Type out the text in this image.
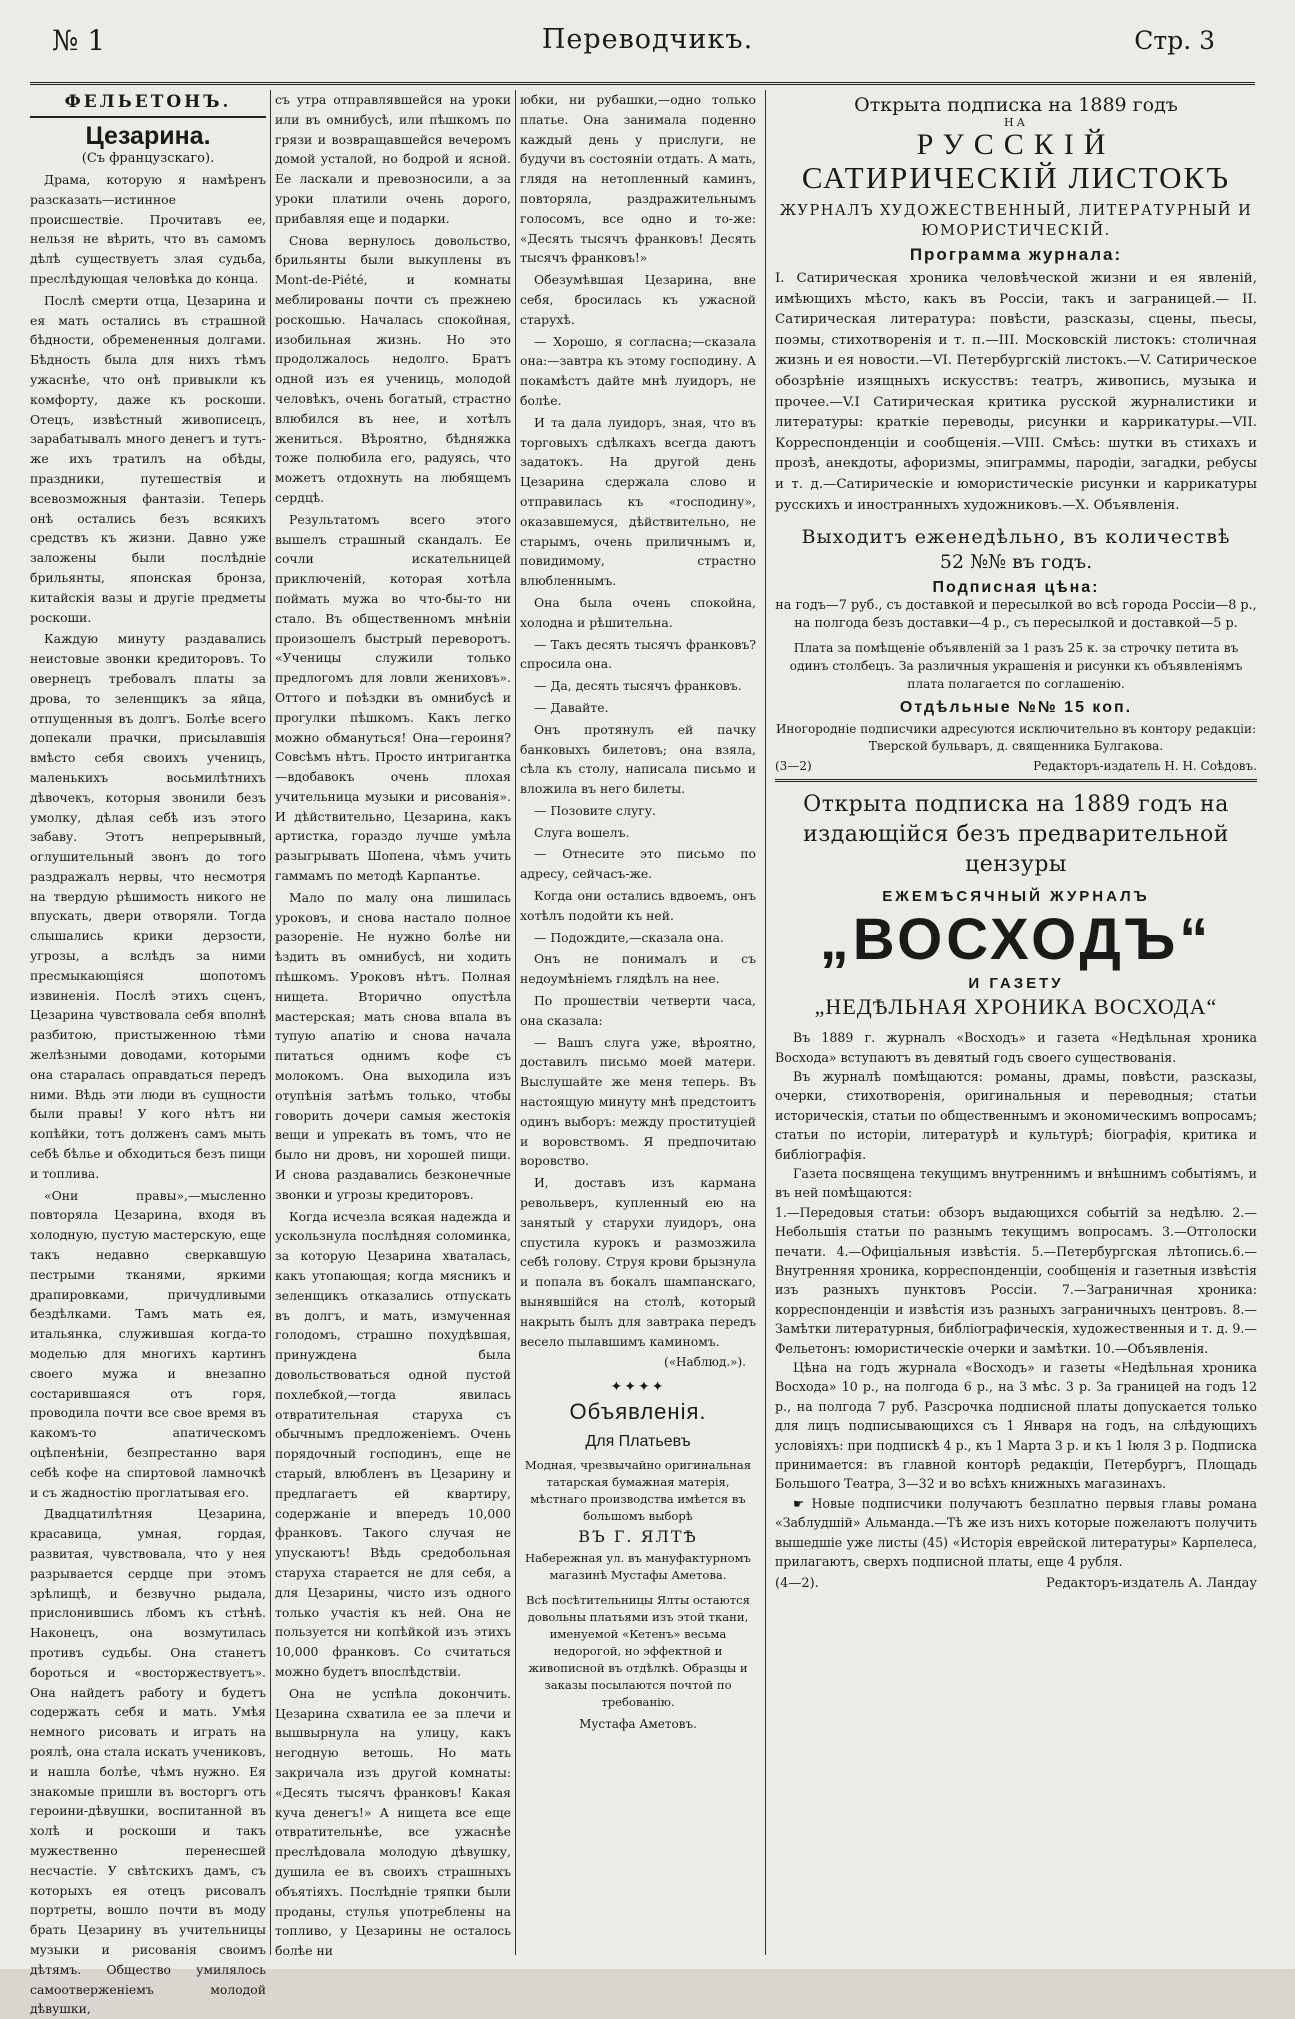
№ 1	Переводчикъ.	Стр. 3
ФЕЛЬЕТОНЪ.
Цезарина.
(Съ французскаго).

Драма, которую я намѣренъ разсказать—истинное происшествіе. Прочитавъ ее, нельзя не вѣрить, что въ самомъ дѣлѣ существуетъ злая судьба, преслѣдующая человѣка до конца.

Послѣ смерти отца, Цезарина и ея мать остались въ страшной бѣдности, обремененныя долгами. Бѣдность была для нихъ тѣмъ ужаснѣе, что онѣ привыкли къ комфорту, даже къ роскоши. Отецъ, извѣстный живописецъ, зарабатывалъ много денегъ и тутъ-же ихъ тратилъ на обѣды, праздники, путешествія и всевозможныя фантазіи. Теперь онѣ остались безъ всякихъ средствъ къ жизни. Давно уже заложены были послѣдніе брильянты, японская бронза, китайскія вазы и другіе предметы роскоши.

Каждую минуту раздавались неистовые звонки кредиторовъ. То овернецъ требовалъ платы за дрова, то зеленщикъ за яйца, отпущенныя въ долгъ. Болѣе всего допекали прачки, присылавшія вмѣсто себя своихъ ученицъ, маленькихъ восьмилѣтнихъ дѣвочекъ, которыя звонили безъ умолку, дѣлая себѣ изъ этого забаву. Этотъ непрерывный, оглушительный звонъ до того раздражалъ нервы, что несмотря на твердую рѣшимость никого не впускать, двери отворяли. Тогда слышались крики дерзости, угрозы, а вслѣдъ за ними пресмыкающіяся шопотомъ извиненія. Послѣ этихъ сценъ, Цезарина чувствовала себя вполнѣ разбитою, пристыженною тѣми желѣзными доводами, которыми она старалась оправдаться передъ ними. Вѣдь эти люди въ сущности были правы! У кого нѣтъ ни копѣйки, тотъ долженъ самъ мыть себѣ бѣлье и обходиться безъ пищи и топлива.

«Они правы»,—мысленно повторяла Цезарина, входя въ холодную, пустую мастерскую, еще такъ недавно сверкавшую пестрыми тканями, яркими драпировками, причудливыми бездѣлками. Тамъ мать ея, итальянка, служившая когда-то моделью для многихъ картинъ своего мужа и внезапно состарившаяся отъ горя, проводила почти все свое время въ какомъ-то апатическомъ оцѣпенѣніи, безпрестанно варя себѣ кофе на спиртовой ламночкѣ и съ жадностію проглатывая его.

Двадцатилѣтняя Цезарина, красавица, умная, гордая, развитая, чувствовала, что у нея разрывается сердце при этомъ зрѣлищѣ, и безвучно рыдала, прислонившись лбомъ къ стѣнѣ. Наконецъ, она возмутилась противъ судьбы. Она станетъ бороться и «восторжествуетъ». Она найдетъ работу и будетъ содержать себя и мать. Умѣя немного рисовать и играть на роялѣ, она стала искать учениковъ, и нашла болѣе, чѣмъ нужно. Ея знакомые пришли въ восторгъ отъ героини-дѣвушки, воспитанной въ холѣ и роскоши и такъ мужественно перенесшей несчастіе. У свѣтскихъ дамъ, съ которыхъ ея отецъ рисовалъ портреты, вошло почти въ моду брать Цезарину въ учительницы музыки и рисованія своимъ дѣтямъ. Общество умилялось самоотверженіемъ молодой дѣвушки,

съ утра отправлявшейся на уроки или въ омнибусѣ, или пѣшкомъ по грязи и возвращавшейся вечеромъ домой усталой, но бодрой и ясной. Ее ласкали и превозносили, а за уроки платили очень дорого, прибавляя еще и подарки.

Снова вернулось довольство, брильянты были выкуплены въ Mont-de-Piété, и комнаты меблированы почти съ прежнею роскошью. Началась спокойная, изобильная жизнь. Но это продолжалось недолго. Братъ одной изъ ея учениць, молодой человѣкъ, очень богатый, страстно влюбился въ нее, и хотѣлъ жениться. Вѣроятно, бѣдняжка тоже полюбила его, радуясь, что можетъ отдохнуть на любящемъ сердцѣ.

Результатомъ всего этого вышелъ страшный скандалъ. Ее сочли искательницей приключеній, которая хотѣла поймать мужа во что-бы-то ни стало. Въ общественномъ мнѣніи произошелъ быстрый переворотъ. «Ученицы служили только предлогомъ для ловли жениховъ». Оттого и поѣздки въ омнибусѣ и прогулки пѣшкомъ. Какъ легко можно обмануться! Она—героиня? Совсѣмъ нѣтъ. Просто интригантка —вдобавокъ очень плохая учительница музыки и рисованія». И дѣйствительно, Цезарина, какъ артистка, гораздо лучше умѣла разыгрывать Шопена, чѣмъ учить гаммамъ по методѣ Карпантье.

Мало по малу она лишилась уроковъ, и снова настало полное разореніе. Не нужно болѣе ни ѣздить въ омнибусѣ, ни ходить пѣшкомъ. Уроковъ нѣтъ. Полная нищета. Вторично опустѣла мастерская; мать снова впала въ тупую апатію и снова начала питаться однимъ кофе съ молокомъ. Она выходила изъ отупѣнія затѣмъ только, чтобы говорить дочери самыя жестокія вещи и упрекать въ томъ, что не было ни дровъ, ни хорошей пищи. И снова раздавались безконечные звонки и угрозы кредиторовъ.

Когда исчезла всякая надежда и ускользнула послѣдняя соломинка, за которую Цезарина хваталась, какъ утопающая; когда мясникъ и зеленщикъ отказались отпускать въ долгъ, и мать, измученная голодомъ, страшно похудѣвшая, принуждена была довольствоваться одной пустой похлебкой,—тогда явилась отвратительная старуха съ обычнымъ предложеніемъ. Очень порядочный господинъ, еще не старый, влюбленъ въ Цезарину и предлагаетъ ей квартиру, содержаніе и впередъ 10,000 франковъ. Такого случая не упускаютъ! Вѣдь средобольная старуха старается не для себя, а для Цезарины, чисто изъ одного только участія къ ней. Она не пользуется ни копѣйкой изъ этихъ 10,000 франковъ. Со считаться можно будетъ впослѣдствіи.

Она не успѣла докончить. Цезарина схватила ее за плечи и вышвырнула на улицу, какъ негодную ветошь. Но мать закричала изъ другой комнаты: «Десять тысячъ франковъ! Какая куча денегъ!» А нищета все еще отвратительнѣе, все ужаснѣе преслѣдовала молодую дѣвушку, душила ее въ своихъ страшныхъ объятіяхъ. Послѣдніе тряпки были проданы, стулья употреблены на топливо, у Цезарины не осталось болѣе ни

юбки, ни рубашки,—одно только платье. Она занимала поденно каждый день у прислуги, не будучи въ состояніи отдать. А мать, глядя на нетопленный каминъ, повторяла, раздражительнымъ голосомъ, все одно и то-же: «Десять тысячъ франковъ! Десять тысячъ франковъ!»

Обезумѣвшая Цезарина, вне себя, бросилась къ ужасной старухѣ.

— Хорошо, я согласна;—сказала она:—завтра къ этому господину. А покамѣстъ дайте мнѣ луидоръ, не болѣе.

И та дала луидоръ, зная, что въ торговыхъ сдѣлкахъ всегда даютъ задатокъ. На другой день Цезарина сдержала слово и отправилась къ «господину», оказавшемуся, дѣйствительно, не старымъ, очень приличнымъ и, повидимому, страстно влюбленнымъ.

Она была очень спокойна, холодна и рѣшительна.

— Такъ десять тысячъ франковъ? спросила она.

— Да, десять тысячъ франковъ.

— Давайте.

Онъ протянулъ ей пачку банковыхъ билетовъ; она взяла, сѣла къ столу, написала письмо и вложила въ него билеты.

— Позовите слугу.

Слуга вошелъ.

— Отнесите это письмо по адресу, сейчасъ-же.

Когда они остались вдвоемъ, онъ хотѣлъ подойти къ ней.

— Подождите,—сказала она.

Онъ не понималъ и съ недоумѣніемъ глядѣлъ на нее.

По прошествіи четверти часа, она сказала:

— Вашъ слуга уже, вѣроятно, доставилъ письмо моей матери. Выслушайте же меня теперь. Въ настоящую минуту мнѣ предстоитъ одинъ выборъ: между проституціей и воровствомъ. Я предпочитаю воровство.

И, доставъ изъ кармана револьверъ, купленный ею на занятый у старухи луидоръ, она спустила курокъ и размозжила себѣ голову. Струя крови брызнула и попала въ бокалъ шампанскаго, вынявшійся на столѣ, который накрыть былъ для завтрака передъ весело пылавшимъ каминомъ.

(«Наблюд.»).
✦✦✦✦
Объявленія.
Для Платьевъ

Модная, чрезвычайно оригинальная татарская бумажная матерія, мѣстнаго производства имѣется въ большомъ выборѣ

ВЪ Г. ЯЛТѢ

Набережная ул. въ мануфактурномъ магазинѣ Мустафы Аметова.

Всѣ посѣтительницы Ялты остаются довольны платьями изъ этой ткани, именуемой «Кетенъ» весьма недорогой, но эффектной и живописной въ отдѣлкѣ. Образцы и заказы посылаются почтой по требованію.

Мустафа Аметовъ.
Открыта подписка на 1889 годъ
НА
РУССКІЙ
САТИРИЧЕСКІЙ ЛИСТОКЪ
ЖУРНАЛЪ ХУДОЖЕСТВЕННЫЙ, ЛИТЕРАТУРНЫЙ И ЮМОРИСТИЧЕСКІЙ.
Программа журнала:

I. Сатирическая хроника человѣческой жизни и ея явленій, имѣющихъ мѣсто, какъ въ Россіи, такъ и заграницей.— II. Сатирическая литература: повѣсти, разсказы, сцены, пьесы, поэмы, стихотворенія и т. п.—III. Московскій листокъ: столичная жизнь и ея новости.—VI. Петербургскій листокъ.—V. Сатирическое обозрѣніе изящныхъ искусствъ: театръ, живопись, музыка и прочее.—V.I Сатирическая критика русской журналистики и литературы: краткіе переводы, рисунки и каррикатуры.—VII. Корреспонденціи и сообщенія.—VIII. Смѣсь: шутки въ стихахъ и прозѣ, анекдоты, афоризмы, эпиграммы, пародіи, загадки, ребусы и т. д.—Сатирическіе и юмористическіе рисунки и каррикатуры русскихъ и иностранныхъ художниковъ.—X. Объявленія.

Выходитъ еженедѣльно, въ количествѣ
52 №№ въ годъ.
Подписная цѣна:
на годъ—7 руб., съ доставкой и пересылкой во всѣ города Россіи—8 р., на полгода безъ доставки—4 р., съ пересылкой и доставкой—5 р.
Плата за помѣщеніе объявленій за 1 разъ 25 к. за строчку петита въ одинъ столбецъ. За различныя украшенія и рисунки къ объявленіямъ плата полагается по соглашенію.
Отдѣльные №№ 15 коп.
Иногородніе подписчики адресуются исключительно въ контору редакціи: Тверской бульваръ, д. священника Булгакова.
(3—2)	Редакторъ-издатель Н. Н. Соѣдовъ.
Открыта подписка на 1889 годъ на издающійся безъ предварительной цензуры
ЕЖЕМѢСЯЧНЫЙ ЖУРНАЛЪ
„ВОСХОДЪ“
И ГАЗЕТУ
„НЕДѢЛЬНАЯ ХРОНИКА ВОСХОДА“

Въ 1889 г. журналъ «Восходъ» и газета «Недѣльная хроника Восхода» вступаютъ въ девятый годъ своего существованія.

Въ журналѣ помѣщаются: романы, драмы, повѣсти, разсказы, очерки, стихотворенія, оригинальныя и переводныя; статьи историческія, статьи по общественнымъ и экономическимъ вопросамъ; статьи по исторіи, литературѣ и культурѣ; біографія, критика и библіографія.

Газета посвящена текущимъ внутреннимъ и внѣшнимъ событіямъ, и въ ней помѣщаются:

1.—Передовыя статьи: обзоръ выдающихся событій за недѣлю. 2.—Небольшія статьи по разнымъ текущимъ вопросамъ. 3.—Отголоски печати. 4.—Офиціальныя извѣстія. 5.—Петербургская лѣтопись.6.—Внутренняя хроника, корреспонденціи, сообщенія и газетныя извѣстія изъ разныхъ пунктовъ Россіи. 7.—Заграничная хроника: корреспонденціи и извѣстія изъ разныхъ заграничныхъ центровъ. 8.—Замѣтки литературныя, библіографическія, художественныя и т. д. 9.—Фельетонъ: юмористическіе очерки и замѣтки. 10.—Объявленія.

Цѣна на годъ журнала «Восходъ» и газеты «Недѣльная хроника Восхода» 10 р., на полгода 6 р., на 3 мѣс. 3 р. За границей на годъ 12 р., на полгода 7 руб. Разсрочка подписной платы допускается только для лицъ подписывающихся съ 1 Января на годъ, на слѣдующихъ условіяхъ: при подпискѣ 4 р., къ 1 Марта 3 р. и къ 1 Іюля 3 р. Подписка принимается: въ главной конторѣ редакціи, Петербургъ, Площадь Большого Театра, 3—32 и во всѣхъ книжныхъ магазинахъ.

☛ Новые подписчики получаютъ безплатно первыя главы романа «Заблудшій» Альманда.—Тѣ же изъ нихъ которые пожелаютъ получить вышедшіе уже листы (45) «Исторія еврейской литературы» Карпелеса, прилагаютъ, сверхъ подписной платы, еще 4 рубля.

(4—2).	Редакторъ-издатель А. Ландау
